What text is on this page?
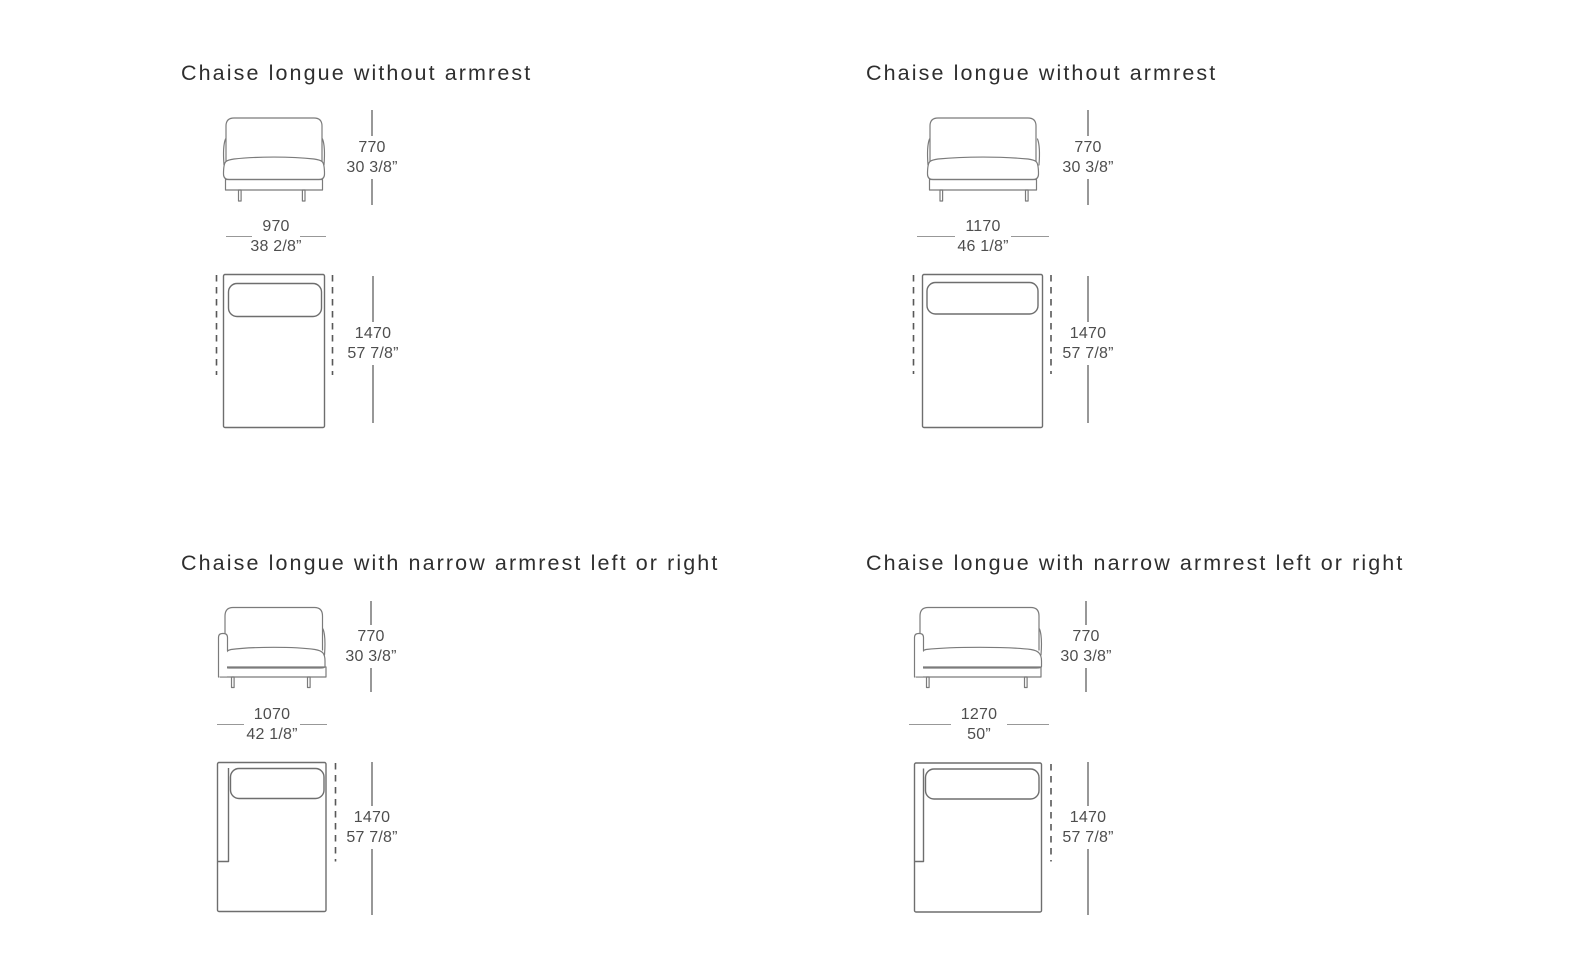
Chaise longue without armrest
770
30 3/8”
970
38 2/8”
1470
57 7/8”
Chaise longue without armrest
770
30 3/8”
1170
46 1/8”
1470
57 7/8”
Chaise longue with narrow armrest left or right
770
30 3/8”
1070
42 1/8”
1470
57 7/8”
Chaise longue with narrow armrest left or right
770
30 3/8”
1270
50”
1470
57 7/8”
